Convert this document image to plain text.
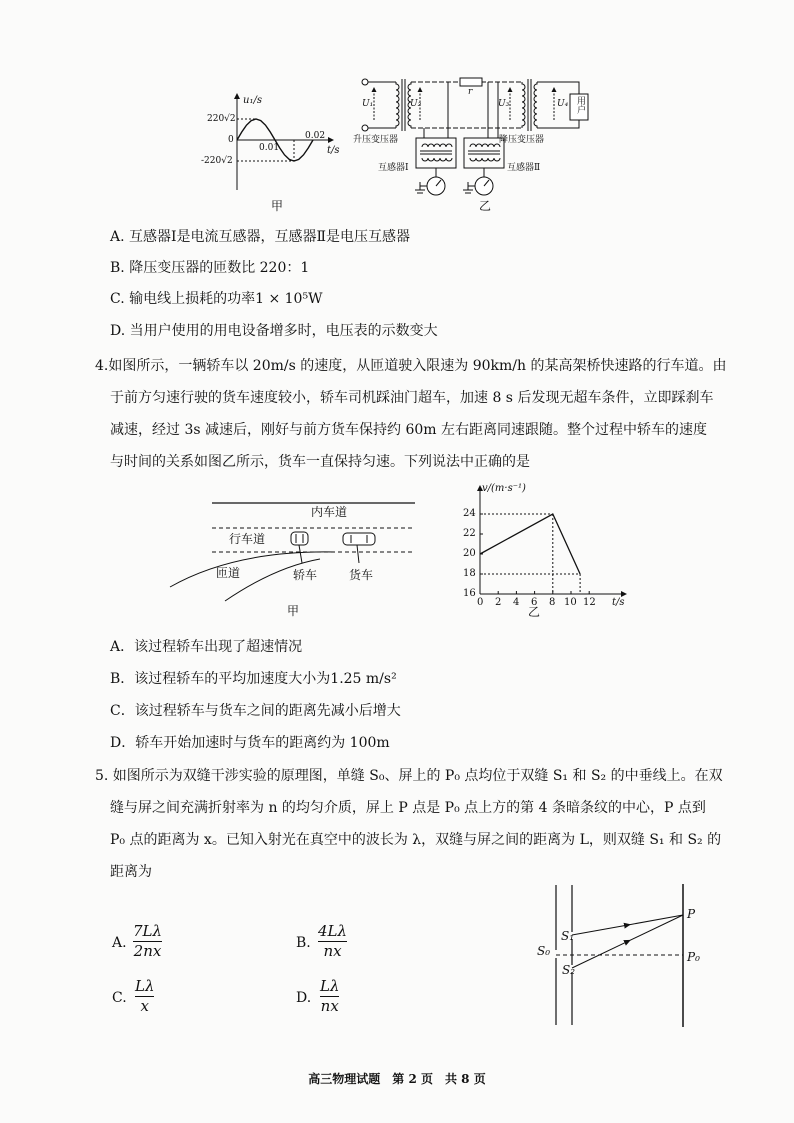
u₁/s
220√2
0
-220√2
0.01
0.02
t/s
甲
U₁	U₂
r
U₃	U₄ 用户
升压变压器	降压变压器
互感器Ⅰ	互感器Ⅱ
乙
A. 互感器Ⅰ是电流互感器，互感器Ⅱ是电压互感器
B. 降压变压器的匝数比 220：1
C. 输电线上损耗的功率1 × 10⁵W
D. 当用户使用的用电设备增多时，电压表的示数变大
4.如图所示，一辆轿车以 20m/s 的速度，从匝道驶入限速为 90km/h 的某高架桥快速路的行车道。由
于前方匀速行驶的货车速度较小，轿车司机踩油门超车，加速 8 s 后发现无超车条件，立即踩刹车
减速，经过 3s 减速后，刚好与前方货车保持约 60m 左右距离同速跟随。整个过程中轿车的速度
与时间的关系如图乙所示，货车一直保持匀速。下列说法中正确的是
内车道
行车道
匝道	轿车	货车
甲
v/(m·s⁻¹)
24
22
20
18
16
0 2 4 6 8 10 12 t/s
乙
A．该过程轿车出现了超速情况
B．该过程轿车的平均加速度大小为1.25 m/s²
C．该过程轿车与货车之间的距离先减小后增大
D．轿车开始加速时与货车的距离约为 100m
5. 如图所示为双缝干涉实验的原理图，单缝 S₀、屏上的 P₀ 点均位于双缝 S₁ 和 S₂ 的中垂线上。在双
缝与屏之间充满折射率为 n 的均匀介质，屏上 P 点是 P₀ 点上方的第 4 条暗条纹的中心，P 点到
P₀ 点的距离为 x。已知入射光在真空中的波长为 λ，双缝与屏之间的距离为 L，则双缝 S₁ 和 S₂ 的
距离为
A.
7Lλ
2nx	B.
4Lλ
nx
C.
Lλ
x	D.
Lλ
nx
S₀
S₁
S₂
P
P₀
高三物理试题　第 2 页　共 8 页
